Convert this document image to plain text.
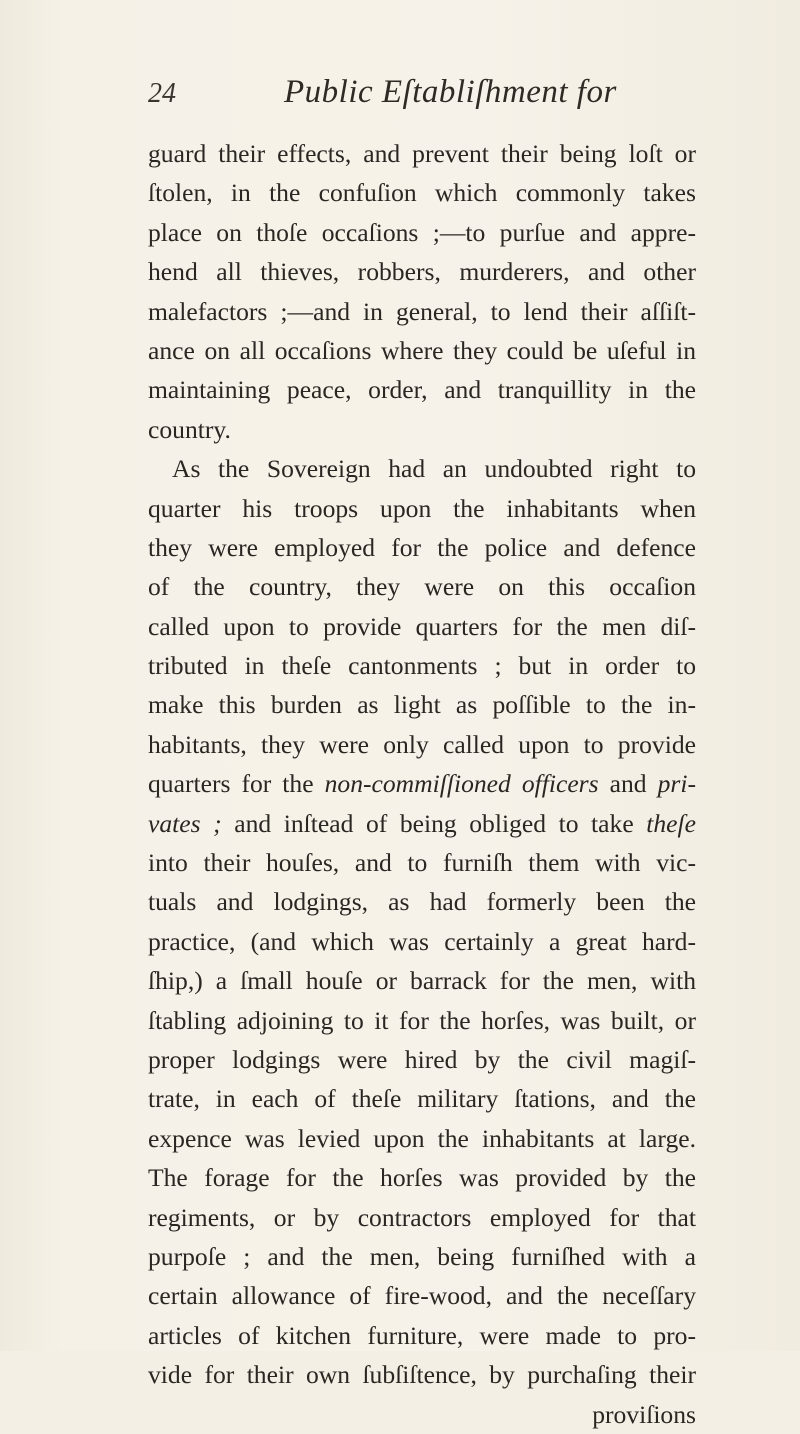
24	Public Eſtabliſhment for
guard their effects, and prevent their being loſt or
ſtolen, in the confuſion which commonly takes
place on thoſe occaſions ;—to purſue and appre-
hend all thieves, robbers, murderers, and other
malefactors ;—and in general, to lend their aſſiſt-
ance on all occaſions where they could be uſeful in
maintaining peace, order, and tranquillity in the
country.
As the Sovereign had an undoubted right to
quarter his troops upon the inhabitants when
they were employed for the police and defence
of the country, they were on this occaſion
called upon to provide quarters for the men diſ-
tributed in theſe cantonments ; but in order to
make this burden as light as poſſible to the in-
habitants, they were only called upon to provide
quarters for the non-commiſſioned officers and pri-
vates ; and inſtead of being obliged to take theſe
into their houſes, and to furniſh them with vic-
tuals and lodgings, as had formerly been the
practice, (and which was certainly a great hard-
ſhip,) a ſmall houſe or barrack for the men, with
ſtabling adjoining to it for the horſes, was built, or
proper lodgings were hired by the civil magiſ-
trate, in each of theſe military ſtations, and the
expence was levied upon the inhabitants at large.
The forage for the horſes was provided by the
regiments, or by contractors employed for that
purpoſe ; and the men, being furniſhed with a
certain allowance of fire-wood, and the neceſſary
articles of kitchen furniture, were made to pro-
vide for their own ſubſiſtence, by purchaſing their
proviſions
